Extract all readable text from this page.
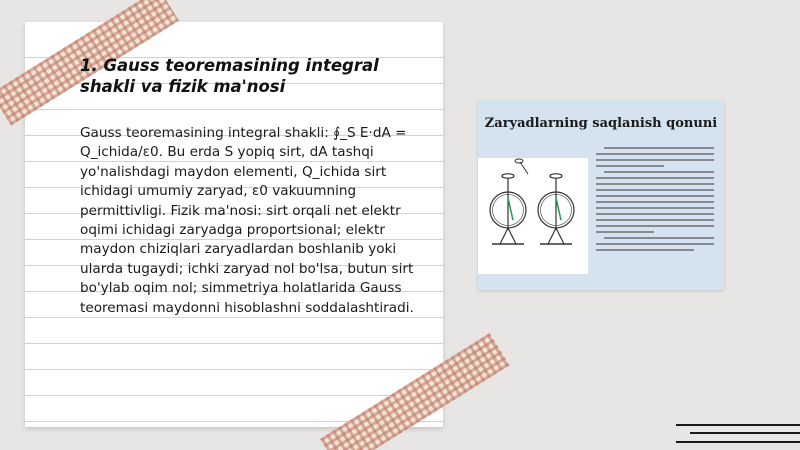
1. Gauss teoremasining integral shakli va fizik ma'nosi

Gauss teoremasining integral shakli: ∮_S E·dA = Q_ichida/ε0. Bu erda S yopiq sirt, dA tashqi yo'nalishdagi maydon elementi, Q_ichida sirt ichidagi umumiy zaryad, ε0 vakuumning permittivligi. Fizik ma'nosi: sirt orqali net elektr oqimi ichidagi zaryadga proportsional; elektr maydon chiziqlari zaryadlardan boshlanib yoki ularda tugaydi; ichki zaryad nol bo'lsa, butun sirt bo'ylab oqim nol; simmetriya holatlarida Gauss teoremasi maydonni hisoblashni soddalashtiradi.

Zaryadlarning saqlanish qonuni
